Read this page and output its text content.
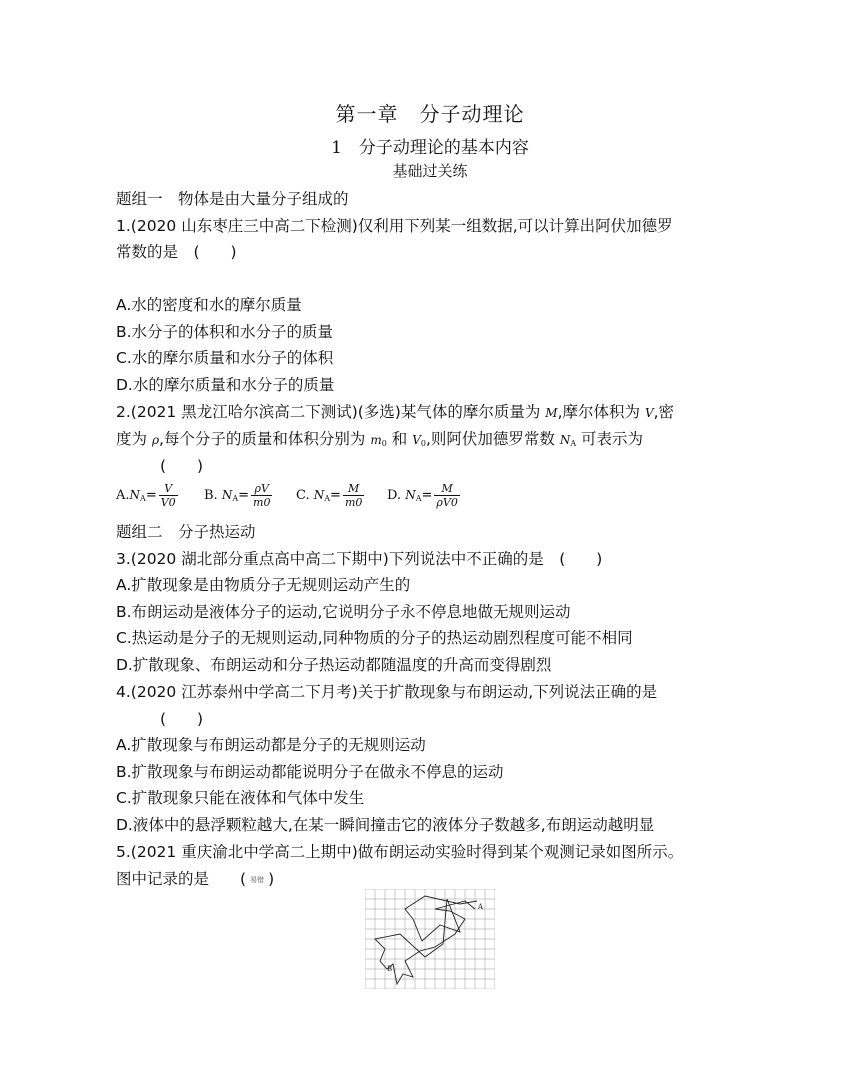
第一章　分子动理论
1　分子动理论的基本内容
基础过关练
题组一　物体是由大量分子组成的
1.(2020 山东枣庄三中高二下检测)仅利用下列某一组数据,可以计算出阿伏加德罗
常数的是　(　　)
A.水的密度和水的摩尔质量
B.水分子的体积和水分子的质量
C.水的摩尔质量和水分子的体积
D.水的摩尔质量和水分子的质量
2.(2021 黑龙江哈尔滨高二下测试)(多选)某气体的摩尔质量为 M,摩尔体积为 V,密
度为 ρ,每个分子的质量和体积分别为 $m_0$ 和 $V_0$,则阿伏加德罗常数 $N_A$ 可表示为
(　　)
$A.N_A= \frac{V}{V0} B$. $N_A= \frac{\rho V}{m0} C$. $N_A= \frac{M}{m0} D$. $N_A= \frac{M}{\rho V0}$
题组二　分子热运动
3.(2020 湖北部分重点高中高二下期中)下列说法中不正确的是　(　　)
A.扩散现象是由物质分子无规则运动产生的
B.布朗运动是液体分子的运动,它说明分子永不停息地做无规则运动
C.热运动是分子的无规则运动,同种物质的分子的热运动剧烈程度可能不相同
D.扩散现象、布朗运动和分子热运动都随温度的升高而变得剧烈
4.(2020 江苏泰州中学高二下月考)关于扩散现象与布朗运动,下列说法正确的是
(　　)
A.扩散现象与布朗运动都是分子的无规则运动
B.扩散现象与布朗运动都能说明分子在做永不停息的运动
C.扩散现象只能在液体和气体中发生
D.液体中的悬浮颗粒越大,在某一瞬间撞击它的液体分子数越多,布朗运动越明显
5.(2021 重庆渝北中学高二上期中)做布朗运动实验时得到某个观测记录如图所示。
图中记录的是　　( 易错 )
A
B
